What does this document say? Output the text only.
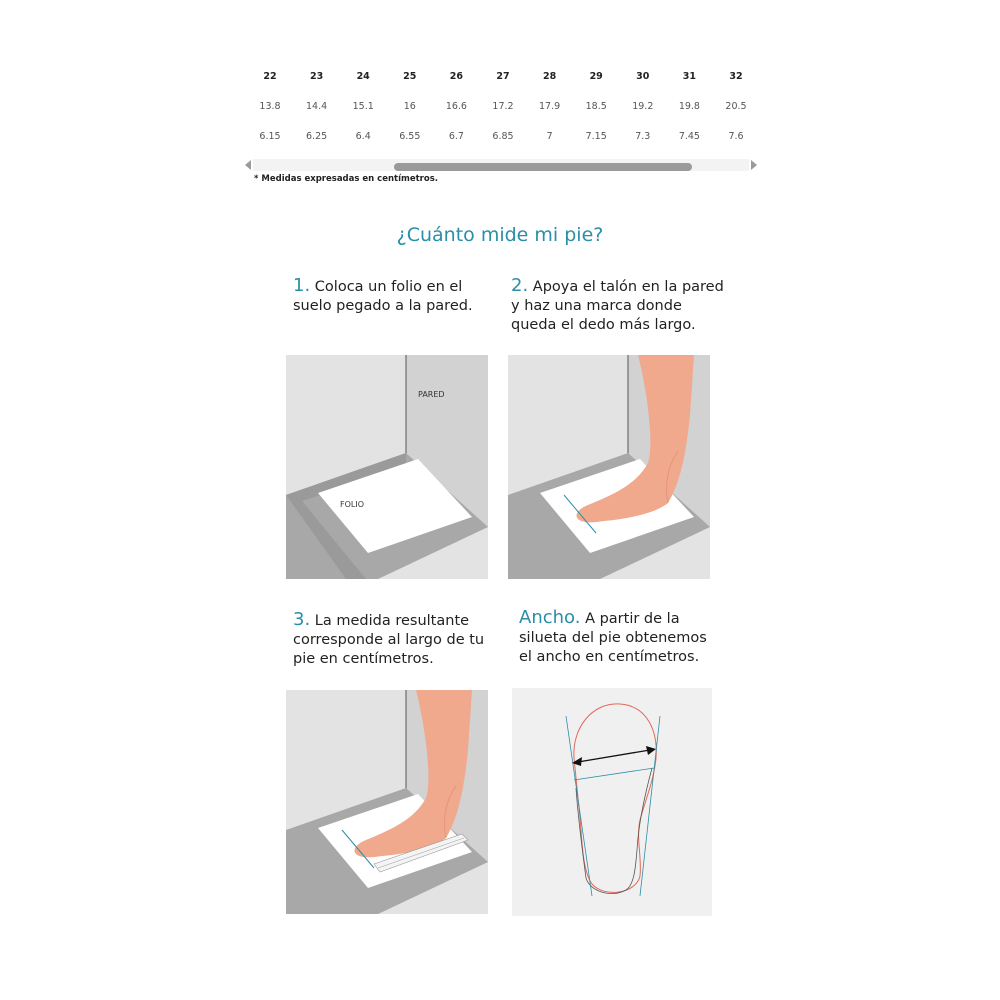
22	23	24	25	26	27	28	29	30	31	32
13.8	14.4	15.1	16	16.6	17.2	17.9	18.5	19.2	19.8	20.5
6.15	6.25	6.4	6.55	6.7	6.85	7	7.15	7.3	7.45	7.6
* Medidas expresadas en centímetros.
¿Cuánto mide mi pie?
1. Coloca un folio en el
suelo pegado a la pared.
2. Apoya el talón en la pared
y haz una marca donde
queda el dedo más largo.
3. La medida resultante
corresponde al largo de tu
pie en centímetros.
Ancho. A partir de la
silueta del pie obtenemos
el ancho en centímetros.
PARED
FOLIO
